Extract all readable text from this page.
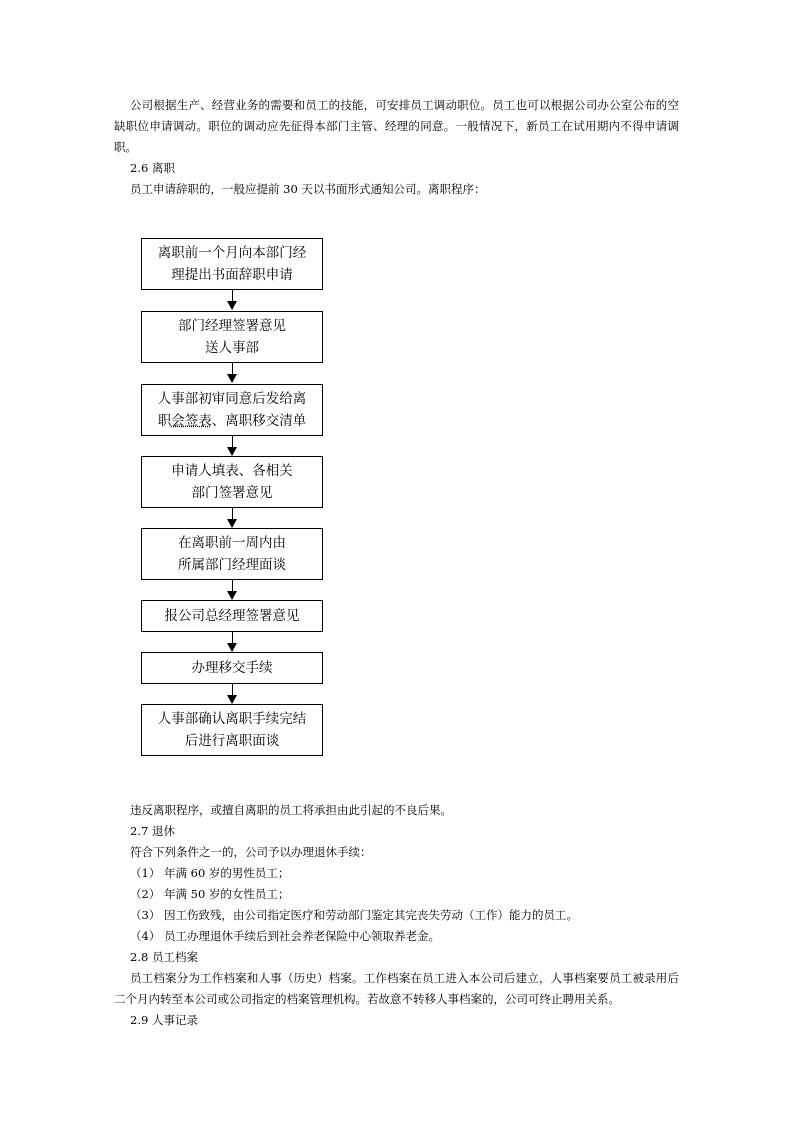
公司根据生产、经营业务的需要和员工的技能，可安排员工调动职位。员工也可以根据公司办公室公布的空缺职位申请调动。职位的调动应先征得本部门主管、经理的同意。一般情况下，新员工在试用期内不得申请调职。
2.6 离职
员工申请辞职的，一般应提前 30 天以书面形式通知公司。离职程序：
离职前一个月向本部门经
理提出书面辞职申请
部门经理签署意见
送人事部
人事部初审同意后发给离
职会签表、离职移交清单
申请人填表、各相关
部门签署意见
在离职前一周内由
所属部门经理面谈
报公司总经理签署意见
办理移交手续
人事部确认离职手续完结
后进行离职面谈
违反离职程序，或擅自离职的员工将承担由此引起的不良后果。
2.7 退休
符合下列条件之一的，公司予以办理退休手续：
（1） 年满 60 岁的男性员工；
（2） 年满 50 岁的女性员工；
（3） 因工伤致残，由公司指定医疗和劳动部门鉴定其完丧失劳动（工作）能力的员工。
（4） 员工办理退休手续后到社会养老保险中心领取养老金。
2.8 员工档案
员工档案分为工作档案和人事（历史）档案。工作档案在员工进入本公司后建立，人事档案要员工被录用后二个月内转至本公司或公司指定的档案管理机构。若故意不转移人事档案的，公司可终止聘用关系。
2.9 人事记录
